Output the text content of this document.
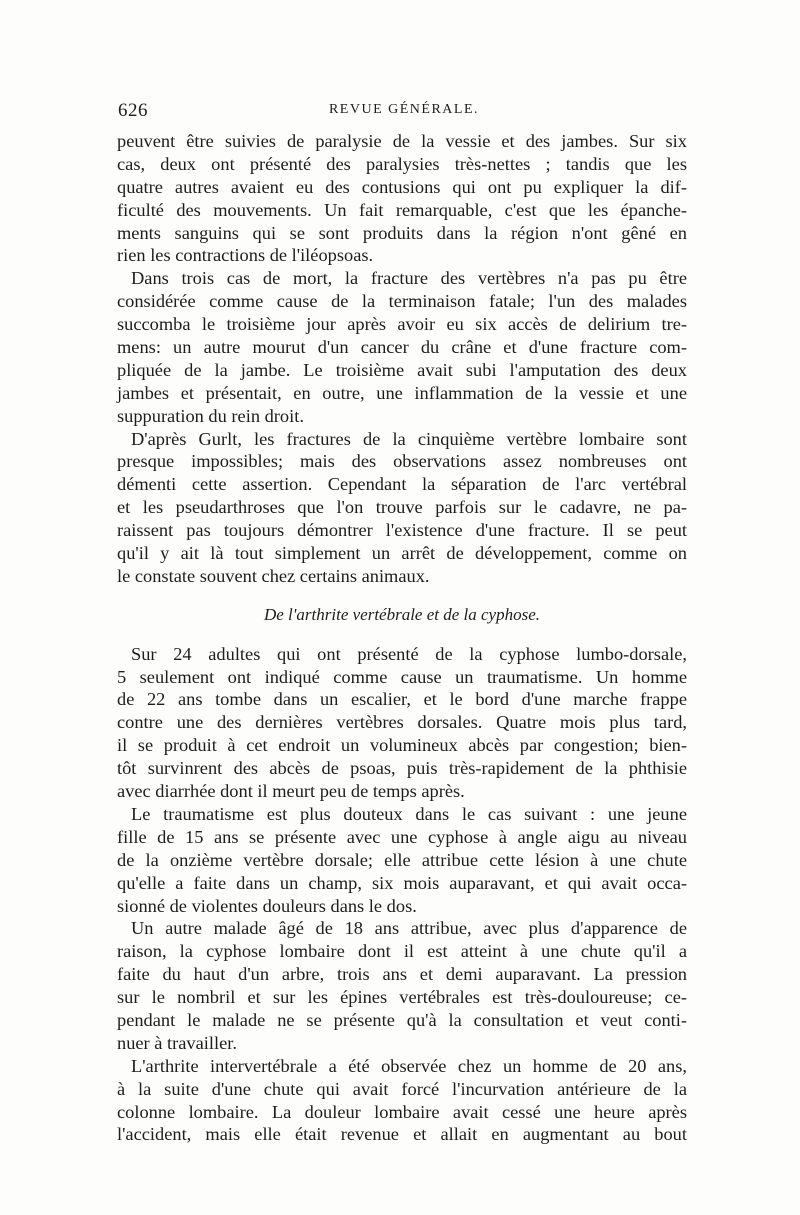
626	REVUE GÉNÉRALE.
peuvent être suivies de paralysie de la vessie et des jambes. Sur six
cas, deux ont présenté des paralysies très-nettes ; tandis que les
quatre autres avaient eu des contusions qui ont pu expliquer la dif-
ficulté des mouvements. Un fait remarquable, c'est que les épanche-
ments sanguins qui se sont produits dans la région n'ont gêné en
rien les contractions de l'iléopsoas.
Dans trois cas de mort, la fracture des vertèbres n'a pas pu être
considérée comme cause de la terminaison fatale; l'un des malades
succomba le troisième jour après avoir eu six accès de delirium tre-
mens: un autre mourut d'un cancer du crâne et d'une fracture com-
pliquée de la jambe. Le troisième avait subi l'amputation des deux
jambes et présentait, en outre, une inflammation de la vessie et une
suppuration du rein droit.
D'après Gurlt, les fractures de la cinquième vertèbre lombaire sont
presque impossibles; mais des observations assez nombreuses ont
démenti cette assertion. Cependant la séparation de l'arc vertébral
et les pseudarthroses que l'on trouve parfois sur le cadavre, ne pa-
raissent pas toujours démontrer l'existence d'une fracture. Il se peut
qu'il y ait là tout simplement un arrêt de développement, comme on
le constate souvent chez certains animaux.
De l'arthrite vertébrale et de la cyphose.
Sur 24 adultes qui ont présenté de la cyphose lumbo-dorsale,
5 seulement ont indiqué comme cause un traumatisme. Un homme
de 22 ans tombe dans un escalier, et le bord d'une marche frappe
contre une des dernières vertèbres dorsales. Quatre mois plus tard,
il se produit à cet endroit un volumineux abcès par congestion; bien-
tôt survinrent des abcès de psoas, puis très-rapidement de la phthisie
avec diarrhée dont il meurt peu de temps après.
Le traumatisme est plus douteux dans le cas suivant : une jeune
fille de 15 ans se présente avec une cyphose à angle aigu au niveau
de la onzième vertèbre dorsale; elle attribue cette lésion à une chute
qu'elle a faite dans un champ, six mois auparavant, et qui avait occa-
sionné de violentes douleurs dans le dos.
Un autre malade âgé de 18 ans attribue, avec plus d'apparence de
raison, la cyphose lombaire dont il est atteint à une chute qu'il a
faite du haut d'un arbre, trois ans et demi auparavant. La pression
sur le nombril et sur les épines vertébrales est très-douloureuse; ce-
pendant le malade ne se présente qu'à la consultation et veut conti-
nuer à travailler.
L'arthrite intervertébrale a été observée chez un homme de 20 ans,
à la suite d'une chute qui avait forcé l'incurvation antérieure de la
colonne lombaire. La douleur lombaire avait cessé une heure après
l'accident, mais elle était revenue et allait en augmentant au bout
